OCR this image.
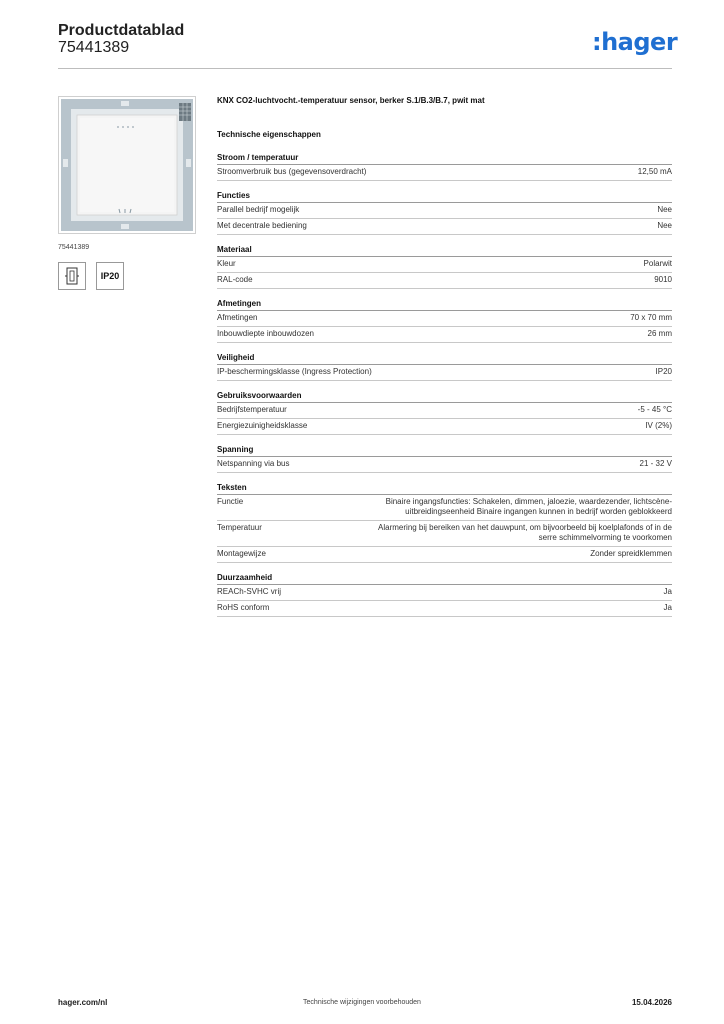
Productdatablad
75441389	:hager
75441389
IP20
KNX CO2-luchtvocht.-temperatuur sensor, berker S.1/B.3/B.7, pwit mat
Technische eigenschappen
Stroom / temperatuur
Stroomverbruik bus (gegevensoverdracht)	12,50 mA
Functies
Parallel bedrijf mogelijk	Nee
Met decentrale bediening	Nee
Materiaal
Kleur	Polarwit
RAL-code	9010
Afmetingen
Afmetingen	70 x 70 mm
Inbouwdiepte inbouwdozen	26 mm
Veiligheid
IP-beschermingsklasse (Ingress Protection)	IP20
Gebruiksvoorwaarden
Bedrijfstemperatuur	-5 - 45 °C
Energiezuinigheidsklasse	IV (2%)
Spanning
Netspanning via bus	21 - 32 V
Teksten
Functie	Binaire ingangsfuncties: Schakelen, dimmen, jaloezie, waardezender, lichtscène-uitbreidingseenheid Binaire ingangen kunnen in bedrijf worden geblokkeerd
Temperatuur	Alarmering bij bereiken van het dauwpunt, om bijvoorbeeld bij koelplafonds of in de serre schimmelvorming te voorkomen
Montagewijze	Zonder spreidklemmen
Duurzaamheid
REACh-SVHC vrij	Ja
RoHS conform	Ja
hager.com/nl	Technische wijzigingen voorbehouden	15.04.2026
